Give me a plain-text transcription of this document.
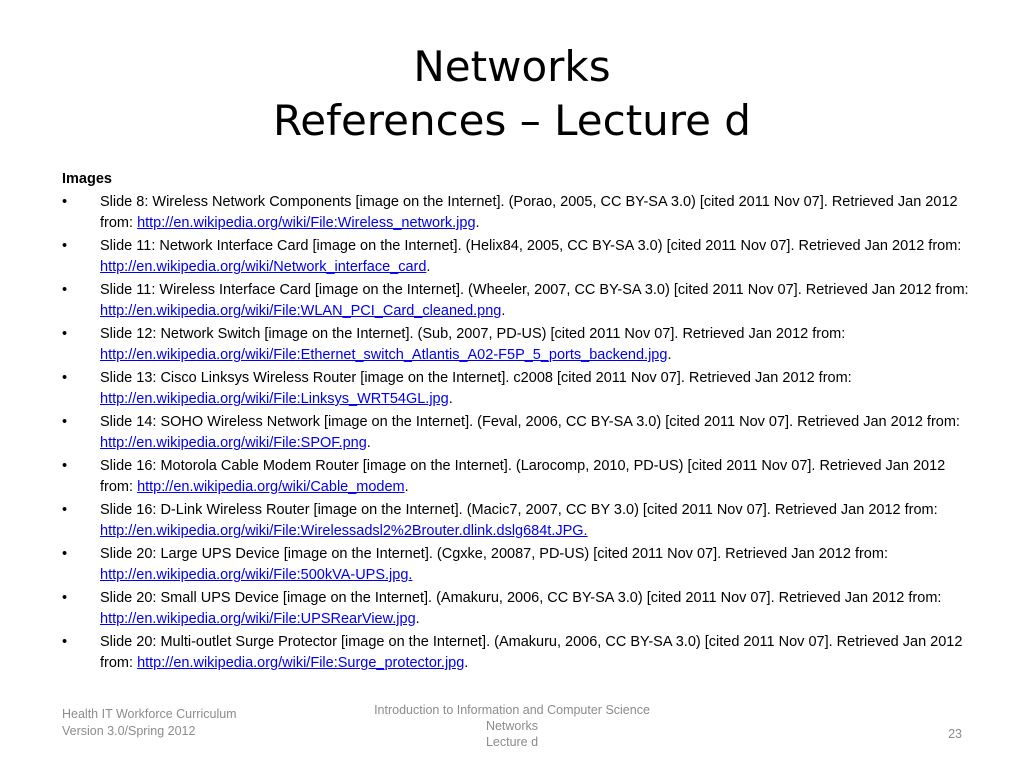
Networks
References – Lecture d
Images
•	Slide 8: Wireless Network Components [image on the Internet]. (Porao, 2005, CC BY-SA 3.0) [cited 2011 Nov 07]. Retrieved Jan 2012 from: http://en.wikipedia.org/wiki/File:Wireless_network.jpg.
•	Slide 11: Network Interface Card [image on the Internet]. (Helix84, 2005, CC BY-SA 3.0) [cited 2011 Nov 07]. Retrieved Jan 2012 from: http://en.wikipedia.org/wiki/Network_interface_card.
•	Slide 11: Wireless Interface Card [image on the Internet]. (Wheeler, 2007, CC BY-SA 3.0) [cited 2011 Nov 07]. Retrieved Jan 2012 from: http://en.wikipedia.org/wiki/File:WLAN_PCI_Card_cleaned.png.
•	Slide 12: Network Switch [image on the Internet]. (Sub, 2007, PD-US) [cited 2011 Nov 07]. Retrieved Jan 2012 from: http://en.wikipedia.org/wiki/File:Ethernet_switch_Atlantis_A02-F5P_5_ports_backend.jpg.
•	Slide 13: Cisco Linksys Wireless Router [image on the Internet]. c2008 [cited 2011 Nov 07]. Retrieved Jan 2012 from: http://en.wikipedia.org/wiki/File:Linksys_WRT54GL.jpg.
•	Slide 14: SOHO Wireless Network [image on the Internet]. (Feval, 2006, CC BY-SA 3.0) [cited 2011 Nov 07]. Retrieved Jan 2012 from: http://en.wikipedia.org/wiki/File:SPOF.png.
•	Slide 16: Motorola Cable Modem Router [image on the Internet]. (Larocomp, 2010, PD-US) [cited 2011 Nov 07]. Retrieved Jan 2012 from: http://en.wikipedia.org/wiki/Cable_modem.
•	Slide 16: D-Link Wireless Router [image on the Internet]. (Macic7, 2007, CC BY 3.0) [cited 2011 Nov 07]. Retrieved Jan 2012 from: http://en.wikipedia.org/wiki/File:Wirelessadsl2%2Brouter.dlink.dslg684t.JPG.
•	Slide 20: Large UPS Device [image on the Internet]. (Cgxke, 20087, PD-US) [cited 2011 Nov 07]. Retrieved Jan 2012 from: http://en.wikipedia.org/wiki/File:500kVA-UPS.jpg.
•	Slide 20: Small UPS Device [image on the Internet]. (Amakuru, 2006, CC BY-SA 3.0) [cited 2011 Nov 07]. Retrieved Jan 2012 from: http://en.wikipedia.org/wiki/File:UPSRearView.jpg.
•	Slide 20: Multi-outlet Surge Protector [image on the Internet]. (Amakuru, 2006, CC BY-SA 3.0) [cited 2011 Nov 07]. Retrieved Jan 2012 from: http://en.wikipedia.org/wiki/File:Surge_protector.jpg.
Health IT Workforce Curriculum
Version 3.0/Spring 2012
Introduction to Information and Computer Science
Networks
Lecture d
23
